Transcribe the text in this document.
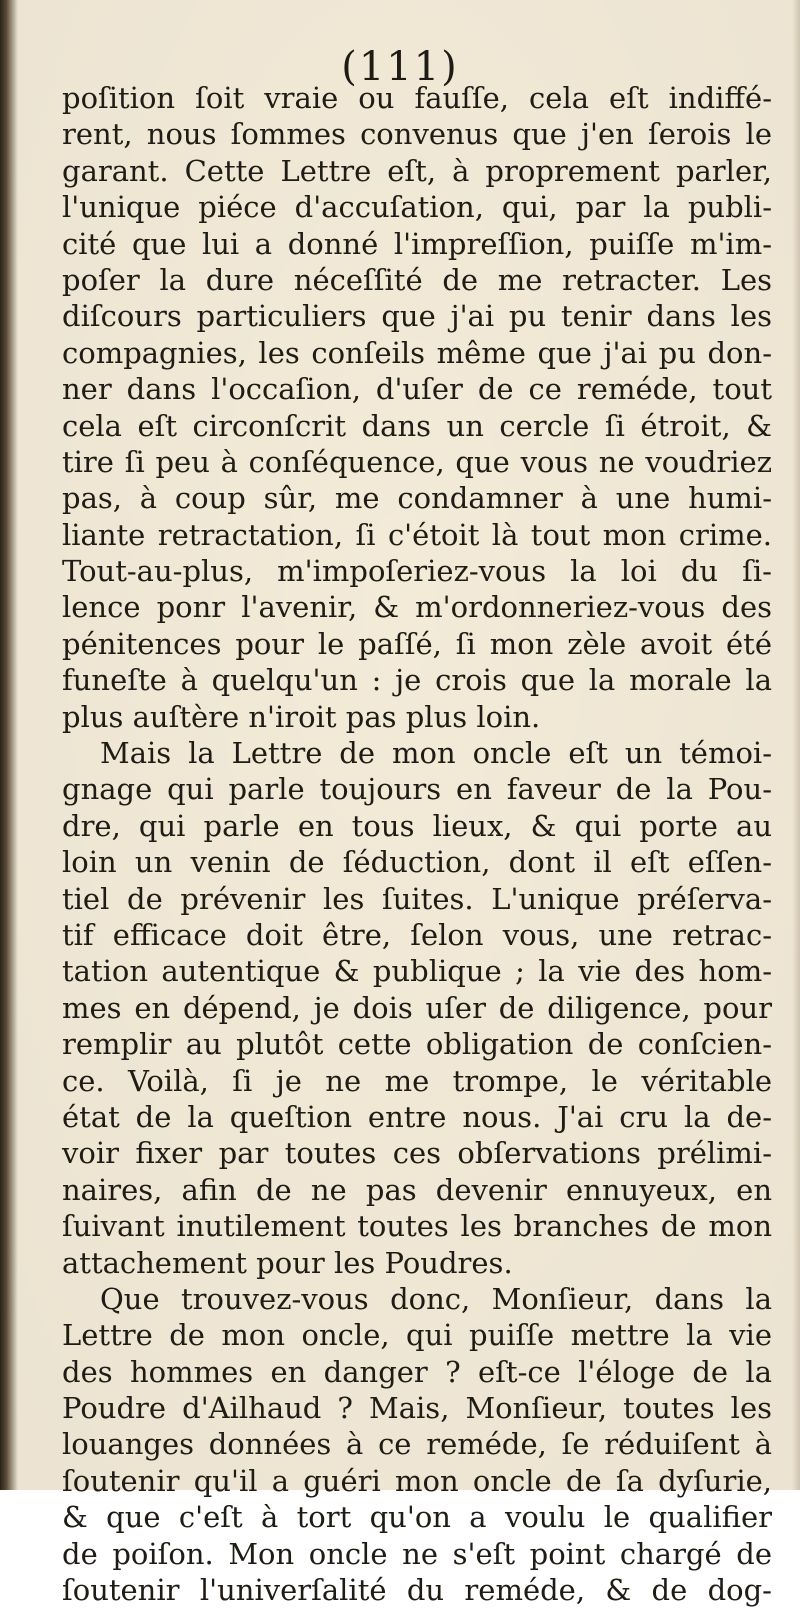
(111)
poſition ſoit vraie ou fauſſe, cela eſt indiffé-
rent, nous ſommes convenus que j'en ſerois le
garant. Cette Lettre eſt, à proprement parler,
l'unique piéce d'accuſation, qui, par la publi-
cité que lui a donné l'impreſſion, puiſſe m'im-
poſer la dure néceſſité de me retracter. Les
diſcours particuliers que j'ai pu tenir dans les
compagnies, les conſeils même que j'ai pu don-
ner dans l'occaſion, d'uſer de ce reméde, tout
cela eſt circonſcrit dans un cercle ſi étroit, &
tire ſi peu à conſéquence, que vous ne voudriez
pas, à coup sûr, me condamner à une humi-
liante retractation, ſi c'étoit là tout mon crime.
Tout-au-plus, m'impoſeriez-vous la loi du ſi-
lence ponr l'avenir, & m'ordonneriez-vous des
pénitences pour le paſſé, ſi mon zèle avoit été
funeſte à quelqu'un : je crois que la morale la
plus auſtère n'iroit pas plus loin.
Mais la Lettre de mon oncle eſt un témoi-
gnage qui parle toujours en faveur de la Pou-
dre, qui parle en tous lieux, & qui porte au
loin un venin de ſéduction, dont il eſt eſſen-
tiel de prévenir les ſuites. L'unique préſerva-
tif efficace doit être, ſelon vous, une retrac-
tation autentique & publique ; la vie des hom-
mes en dépend, je dois uſer de diligence, pour
remplir au plutôt cette obligation de conſcien-
ce. Voilà, ſi je ne me trompe, le véritable
état de la queſtion entre nous. J'ai cru la de-
voir fixer par toutes ces obſervations prélimi-
naires, afin de ne pas devenir ennuyeux, en
ſuivant inutilement toutes les branches de mon
attachement pour les Poudres.
Que trouvez-vous donc, Monſieur, dans la
Lettre de mon oncle, qui puiſſe mettre la vie
des hommes en danger ? eſt-ce l'éloge de la
Poudre d'Ailhaud ? Mais, Monſieur, toutes les
louanges données à ce reméde, ſe réduiſent à
ſoutenir qu'il a guéri mon oncle de ſa dyſurie,
& que c'eſt à tort qu'on a voulu le qualifier
de poiſon. Mon oncle ne s'eſt point chargé de
ſoutenir l'univerſalité du reméde, & de dog-
